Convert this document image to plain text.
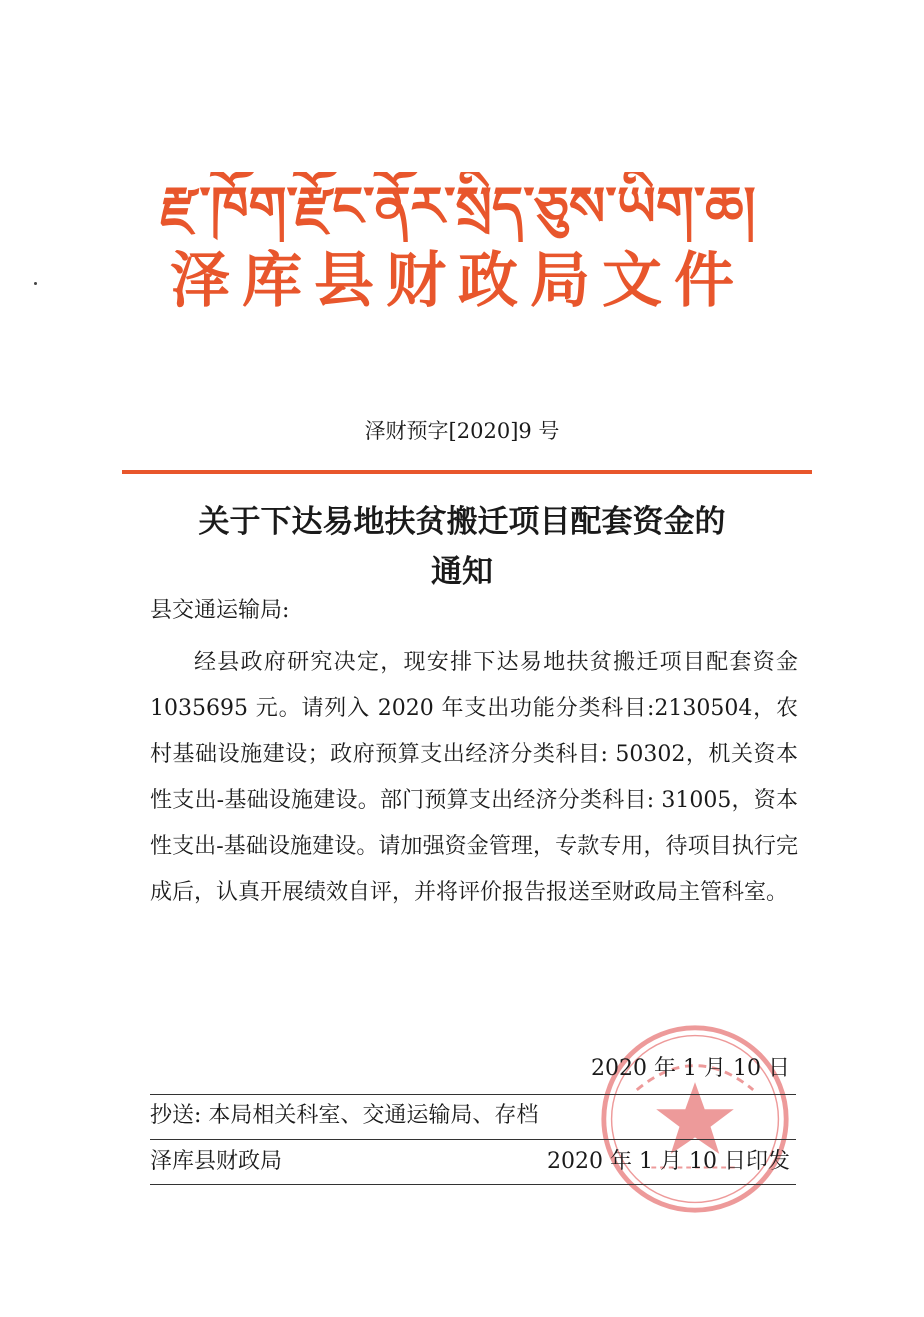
རྫ་ཁོག་རྫོང་ནོར་སྲིད་ཅུས་ཡིག་ཆ།
泽库县财政局文件
泽财预字[2020]9 号
关于下达易地扶贫搬迁项目配套资金的
通知
县交通运输局:

经县政府研究决定，现安排下达易地扶贫搬迁项目配套资金 1035695 元。请列入 2020 年支出功能分类科目:2130504，农村基础设施建设；政府预算支出经济分类科目: 50302，机关资本性支出-基础设施建设。部门预算支出经济分类科目: 31005，资本性支出-基础设施建设。请加强资金管理，专款专用，待项目执行完成后，认真开展绩效自评，并将评价报告报送至财政局主管科室。

2020 年 1 月 10 日
抄送: 本局相关科室、交通运输局、存档
泽库县财政局	2020 年 1 月 10 日印发
